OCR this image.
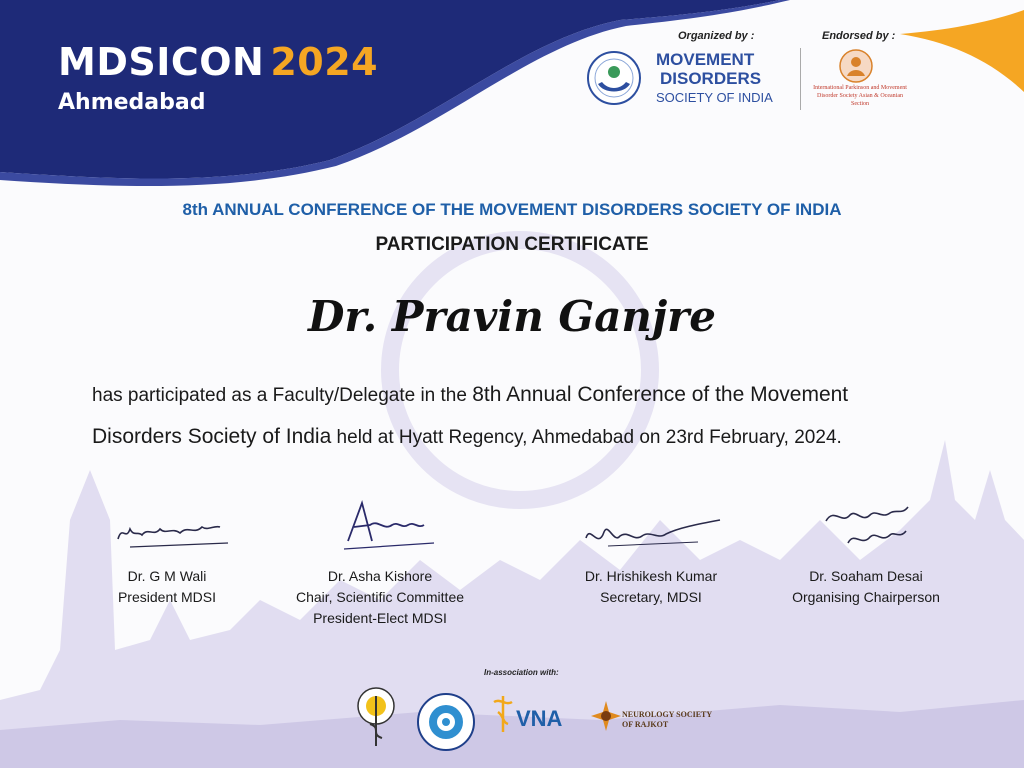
MDSICON 2024
Ahmedabad
Organized by :
MOVEMENT
DISORDERS
SOCIETY OF INDIA
Endorsed by :
International Parkinson and Movement Disorder Society Asian & Oceanian Section
8th ANNUAL CONFERENCE OF THE MOVEMENT DISORDERS SOCIETY OF INDIA
PARTICIPATION CERTIFICATE
Dr. Pravin Ganjre
has participated as a Faculty/Delegate in the 8th Annual Conference of the Movement
Disorders Society of India held at Hyatt Regency, Ahmedabad on 23rd February, 2024.
Dr. G M Wali
President MDSI
Dr. Asha Kishore
Chair, Scientific Committee
President-Elect MDSI
Dr. Hrishikesh Kumar
Secretary, MDSI
Dr. Soaham Desai
Organising Chairperson
In-association with:
VNA	NEUROLOGY SOCIETY
OF RAJKOT
